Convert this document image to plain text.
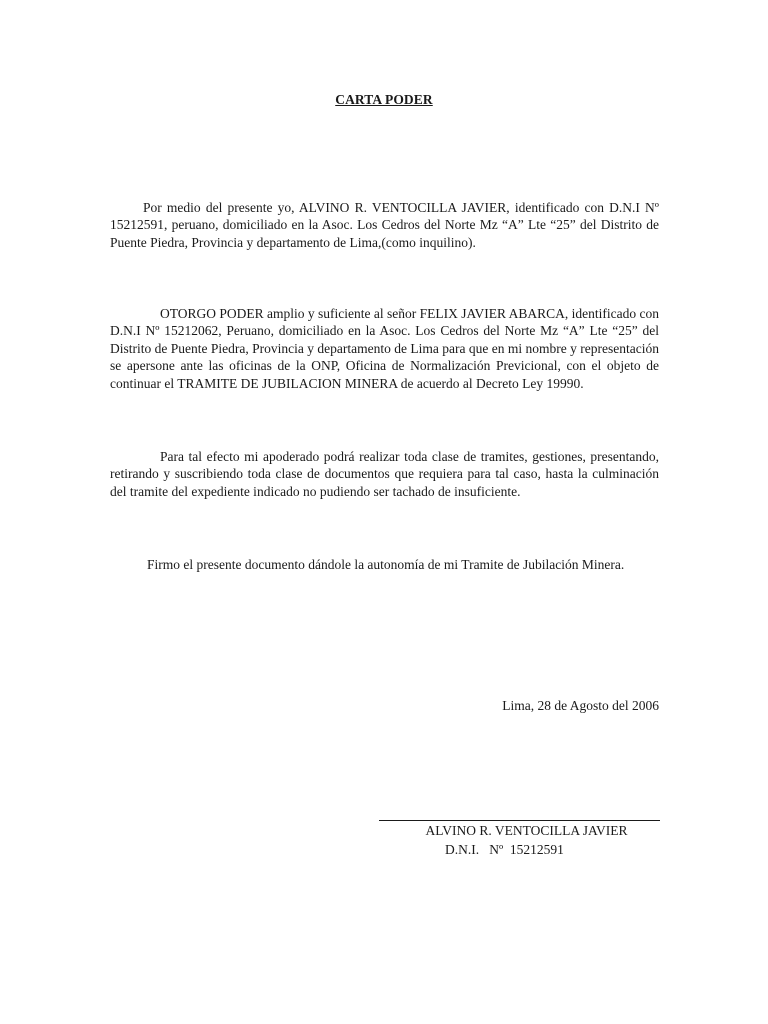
CARTA PODER

Por medio del presente yo, ALVINO R. VENTOCILLA JAVIER, identificado con D.N.I Nº 15212591, peruano, domiciliado en la Asoc. Los Cedros del Norte Mz “A” Lte “25” del Distrito de Puente Piedra, Provincia y departamento de Lima,(como inquilino).

OTORGO PODER amplio y suficiente al señor FELIX JAVIER ABARCA, identificado con D.N.I Nº 15212062, Peruano, domiciliado en la Asoc. Los Cedros del Norte Mz “A” Lte “25” del Distrito de Puente Piedra, Provincia y departamento de Lima para que en mi nombre y representación se apersone ante las oficinas de la ONP, Oficina de Normalización Previcional, con el objeto de continuar el TRAMITE DE JUBILACION MINERA de acuerdo al Decreto Ley 19990.

Para tal efecto mi apoderado podrá realizar toda clase de tramites, gestiones, presentando, retirando y suscribiendo toda clase de documentos que requiera para tal caso, hasta la culminación del tramite del expediente indicado no pudiendo ser tachado de insuficiente.

Firmo el presente documento dándole la autonomía de mi Tramite de Jubilación Minera.

Lima, 28 de Agosto del 2006
ALVINO R. VENTOCILLA JAVIER
D.N.I.   Nº  15212591
